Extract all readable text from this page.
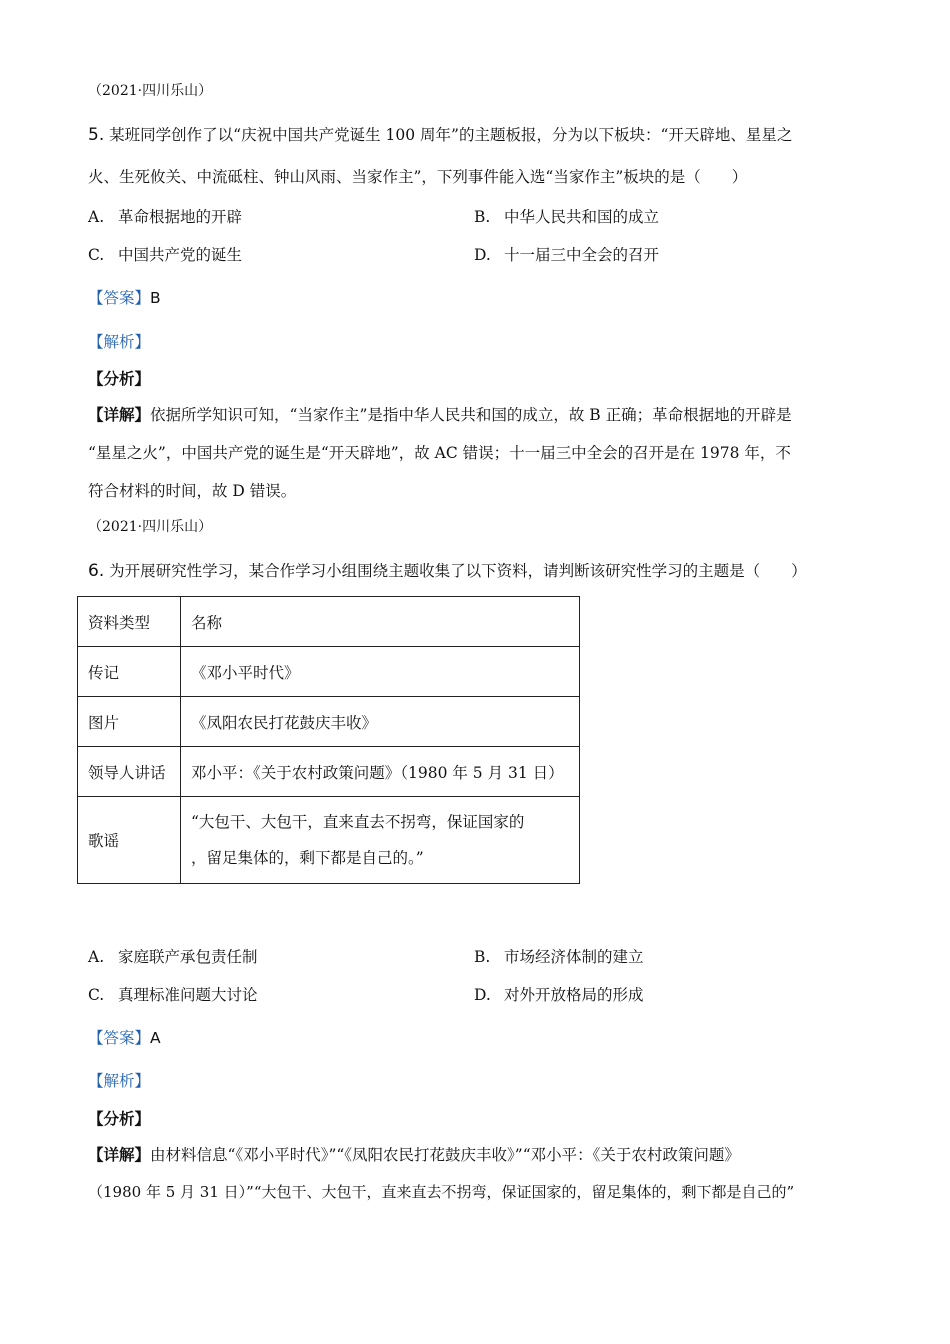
（2021·四川乐山）
5. 某班同学创作了以“庆祝中国共产党诞生 100 周年”的主题板报，分为以下板块：“开天辟地、星星之
火、生死攸关、中流砥柱、钟山风雨、当家作主”，下列事件能入选“当家作主”板块的是（　　）
A. 革命根据地的开辟	B. 中华人民共和国的成立
C. 中国共产党的诞生	D. 十一届三中全会的召开
【答案】B
【解析】
【分析】
【详解】依据所学知识可知，“当家作主”是指中华人民共和国的成立，故 B 正确；革命根据地的开辟是
“星星之火”，中国共产党的诞生是“开天辟地”，故 AC 错误；十一届三中全会的召开是在 1978 年，不
符合材料的时间，故 D 错误。
（2021·四川乐山）
6. 为开展研究性学习，某合作学习小组围绕主题收集了以下资料，请判断该研究性学习的主题是（　　）
资料类型	名称
传记	《邓小平时代》
图片	《凤阳农民打花鼓庆丰收》
领导人讲话	邓小平：《关于农村政策问题》（1980 年 5 月 31 日）
歌谣	“大包干、大包干，直来直去不拐弯，保证国家的
，留足集体的，剩下都是自己的。”
A. 家庭联产承包责任制	B. 市场经济体制的建立
C. 真理标准问题大讨论	D. 对外开放格局的形成
【答案】A
【解析】
【分析】
【详解】由材料信息“《邓小平时代》”“《凤阳农民打花鼓庆丰收》”“邓小平：《关于农村政策问题》
（1980 年 5 月 31 日）”“大包干、大包干，直来直去不拐弯，保证国家的，留足集体的，剩下都是自己的”
